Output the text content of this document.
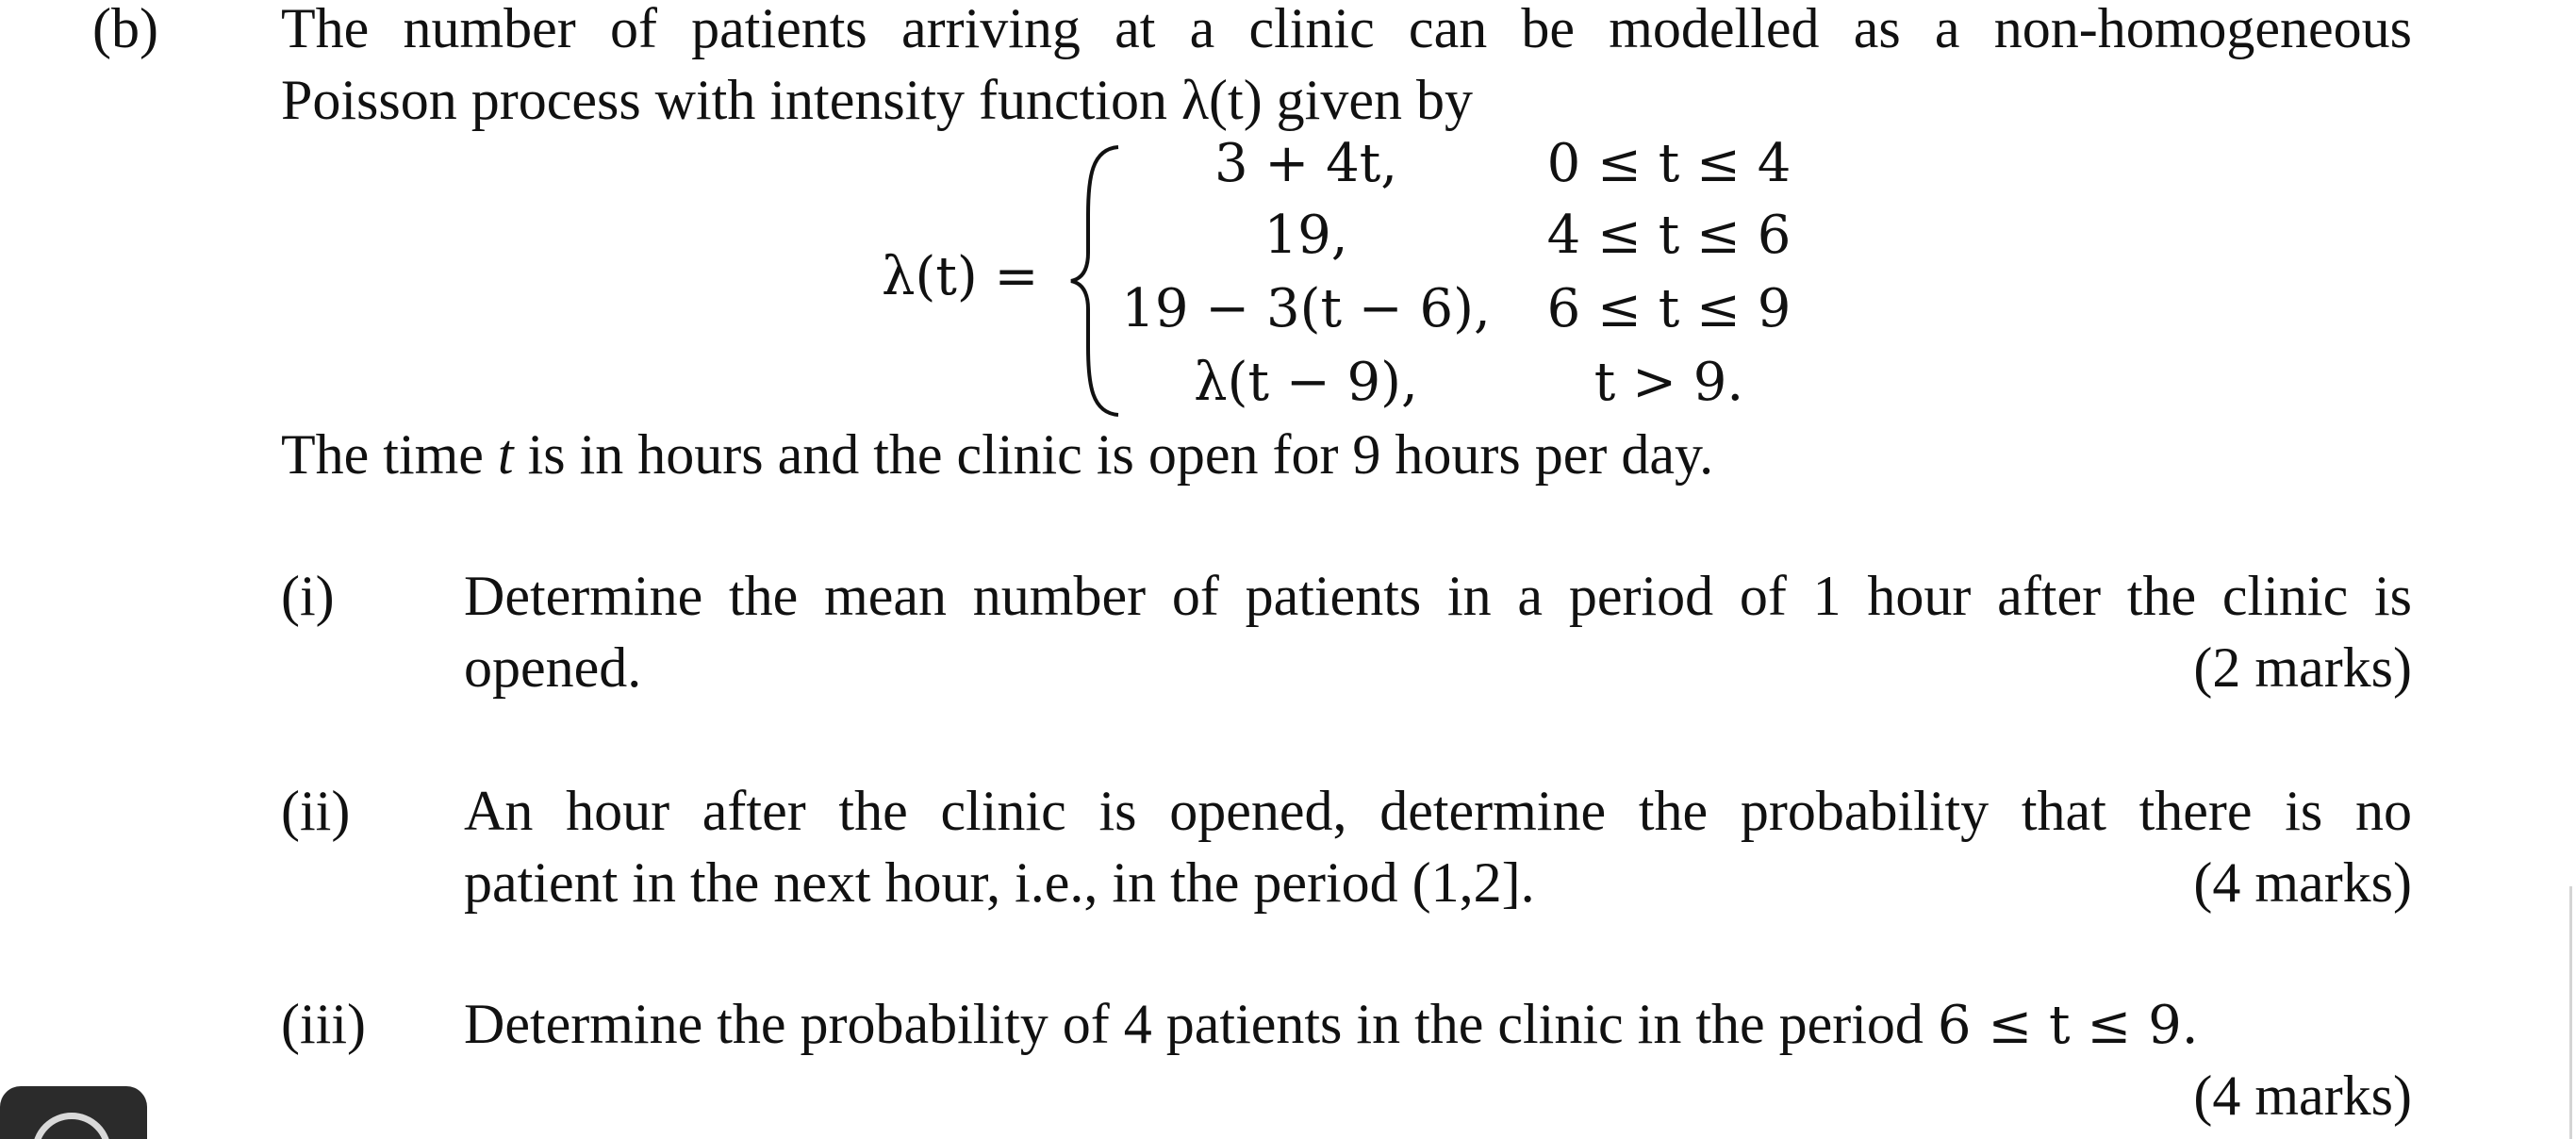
(b) The number of patients arriving at a clinic can be modelled as a non-homogeneous
Poisson process with intensity function λ(t) given by
λ(t) =
3 + 4t,
19,
19 − 3(t − 6),
λ(t − 9),
0 ≤ t ≤ 4
4 ≤ t ≤ 6
6 ≤ t ≤ 9
t > 9.
The time t is in hours and the clinic is open for 9 hours per day.
(i) Determine the mean number of patients in a period of 1 hour after the clinic is
opened.	(2 marks)
(ii) An hour after the clinic is opened, determine the probability that there is no
patient in the next hour, i.e., in the period (1,2].	(4 marks)
(iii) Determine the probability of 4 patients in the clinic in the period 6 ≤ t ≤ 9.
(4 marks)
